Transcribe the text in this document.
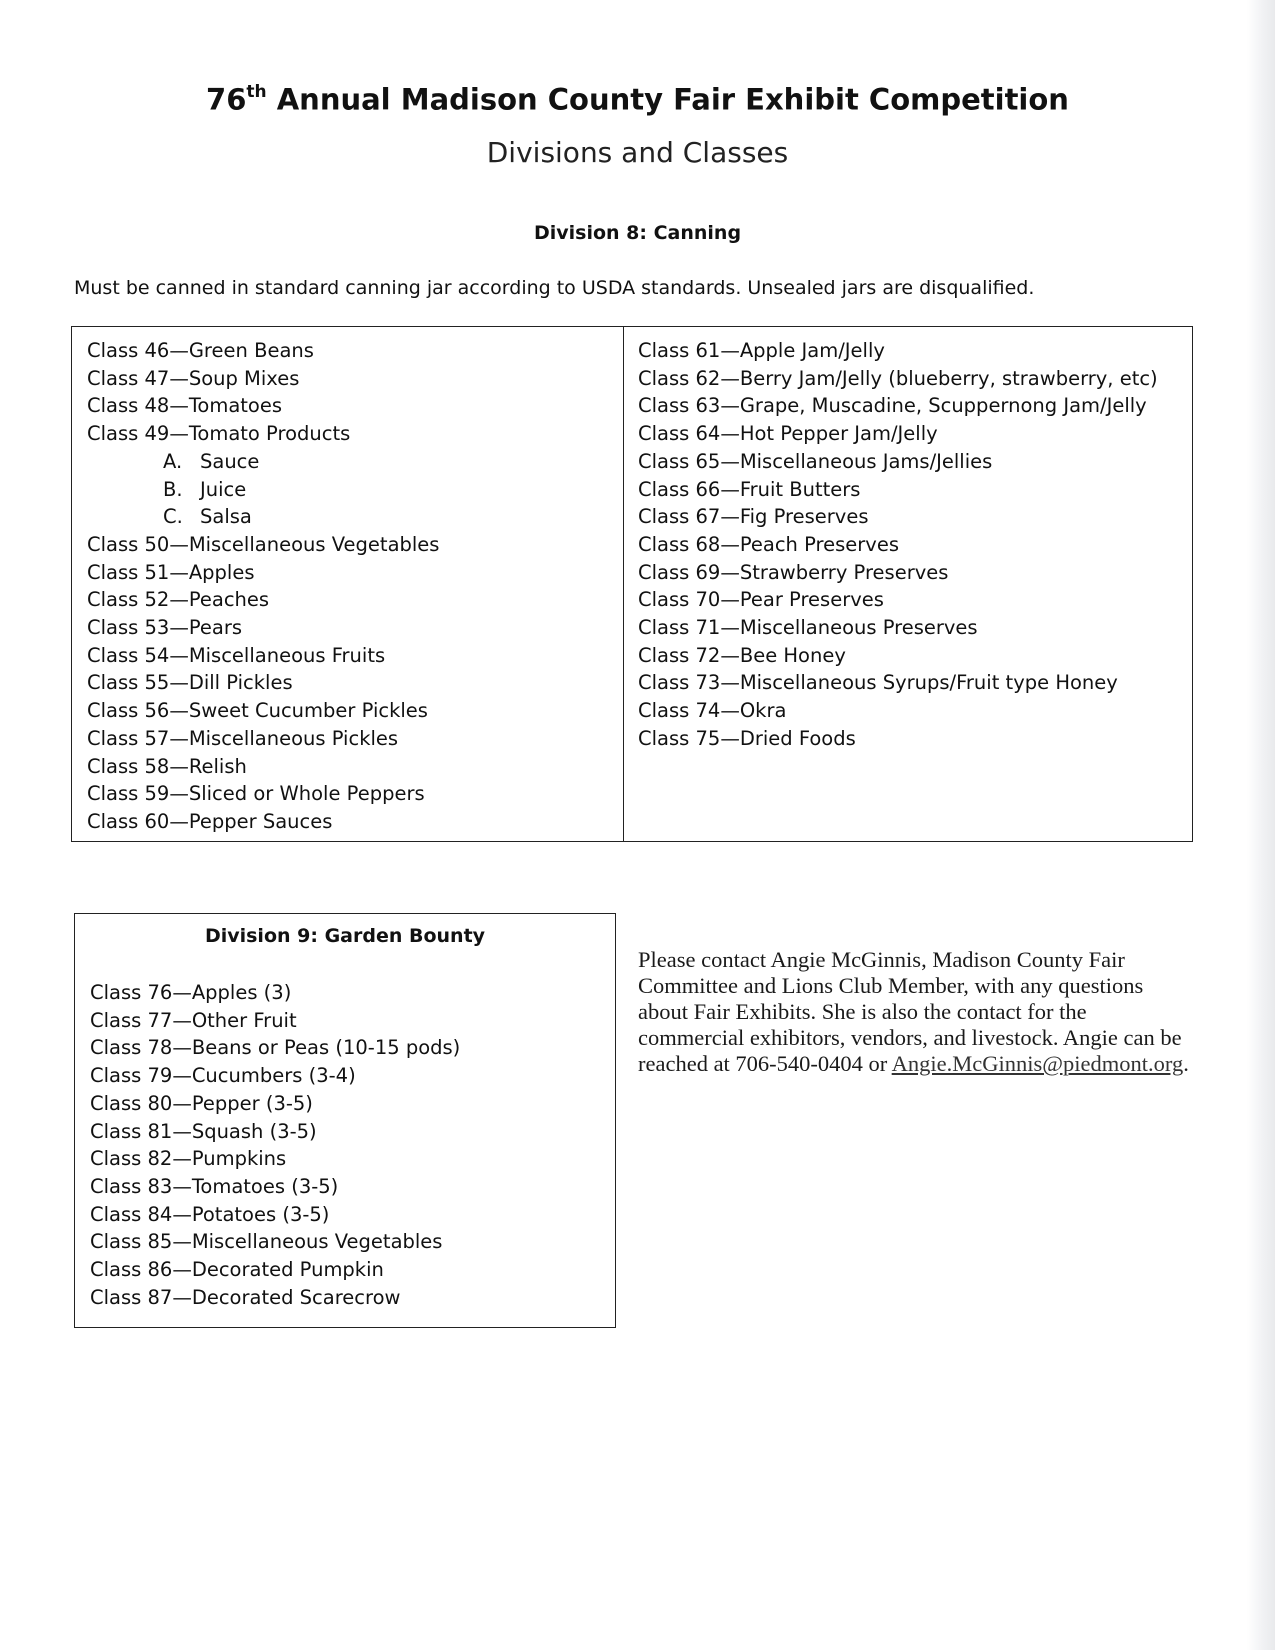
76th Annual Madison County Fair Exhibit Competition
Divisions and Classes
Division 8: Canning
Must be canned in standard canning jar according to USDA standards. Unsealed jars are disqualified.
Class 46—Green Beans
Class 47—Soup Mixes
Class 48—Tomatoes
Class 49—Tomato Products
A. Sauce
B. Juice
C. Salsa
Class 50—Miscellaneous Vegetables
Class 51—Apples
Class 52—Peaches
Class 53—Pears
Class 54—Miscellaneous Fruits
Class 55—Dill Pickles
Class 56—Sweet Cucumber Pickles
Class 57—Miscellaneous Pickles
Class 58—Relish
Class 59—Sliced or Whole Peppers
Class 60—Pepper Sauces
Class 61—Apple Jam/Jelly
Class 62—Berry Jam/Jelly (blueberry, strawberry, etc)
Class 63—Grape, Muscadine, Scuppernong Jam/Jelly
Class 64—Hot Pepper Jam/Jelly
Class 65—Miscellaneous Jams/Jellies
Class 66—Fruit Butters
Class 67—Fig Preserves
Class 68—Peach Preserves
Class 69—Strawberry Preserves
Class 70—Pear Preserves
Class 71—Miscellaneous Preserves
Class 72—Bee Honey
Class 73—Miscellaneous Syrups/Fruit type Honey
Class 74—Okra
Class 75—Dried Foods
Division 9: Garden Bounty
Class 76—Apples (3)
Class 77—Other Fruit
Class 78—Beans or Peas (10-15 pods)
Class 79—Cucumbers (3-4)
Class 80—Pepper (3-5)
Class 81—Squash (3-5)
Class 82—Pumpkins
Class 83—Tomatoes (3-5)
Class 84—Potatoes (3-5)
Class 85—Miscellaneous Vegetables
Class 86—Decorated Pumpkin
Class 87—Decorated Scarecrow
Please contact Angie McGinnis, Madison County Fair Committee and Lions Club Member, with any questions about Fair Exhibits. She is also the contact for the commercial exhibitors, vendors, and livestock. Angie can be reached at 706-540-0404 or Angie.McGinnis@piedmont.org.
